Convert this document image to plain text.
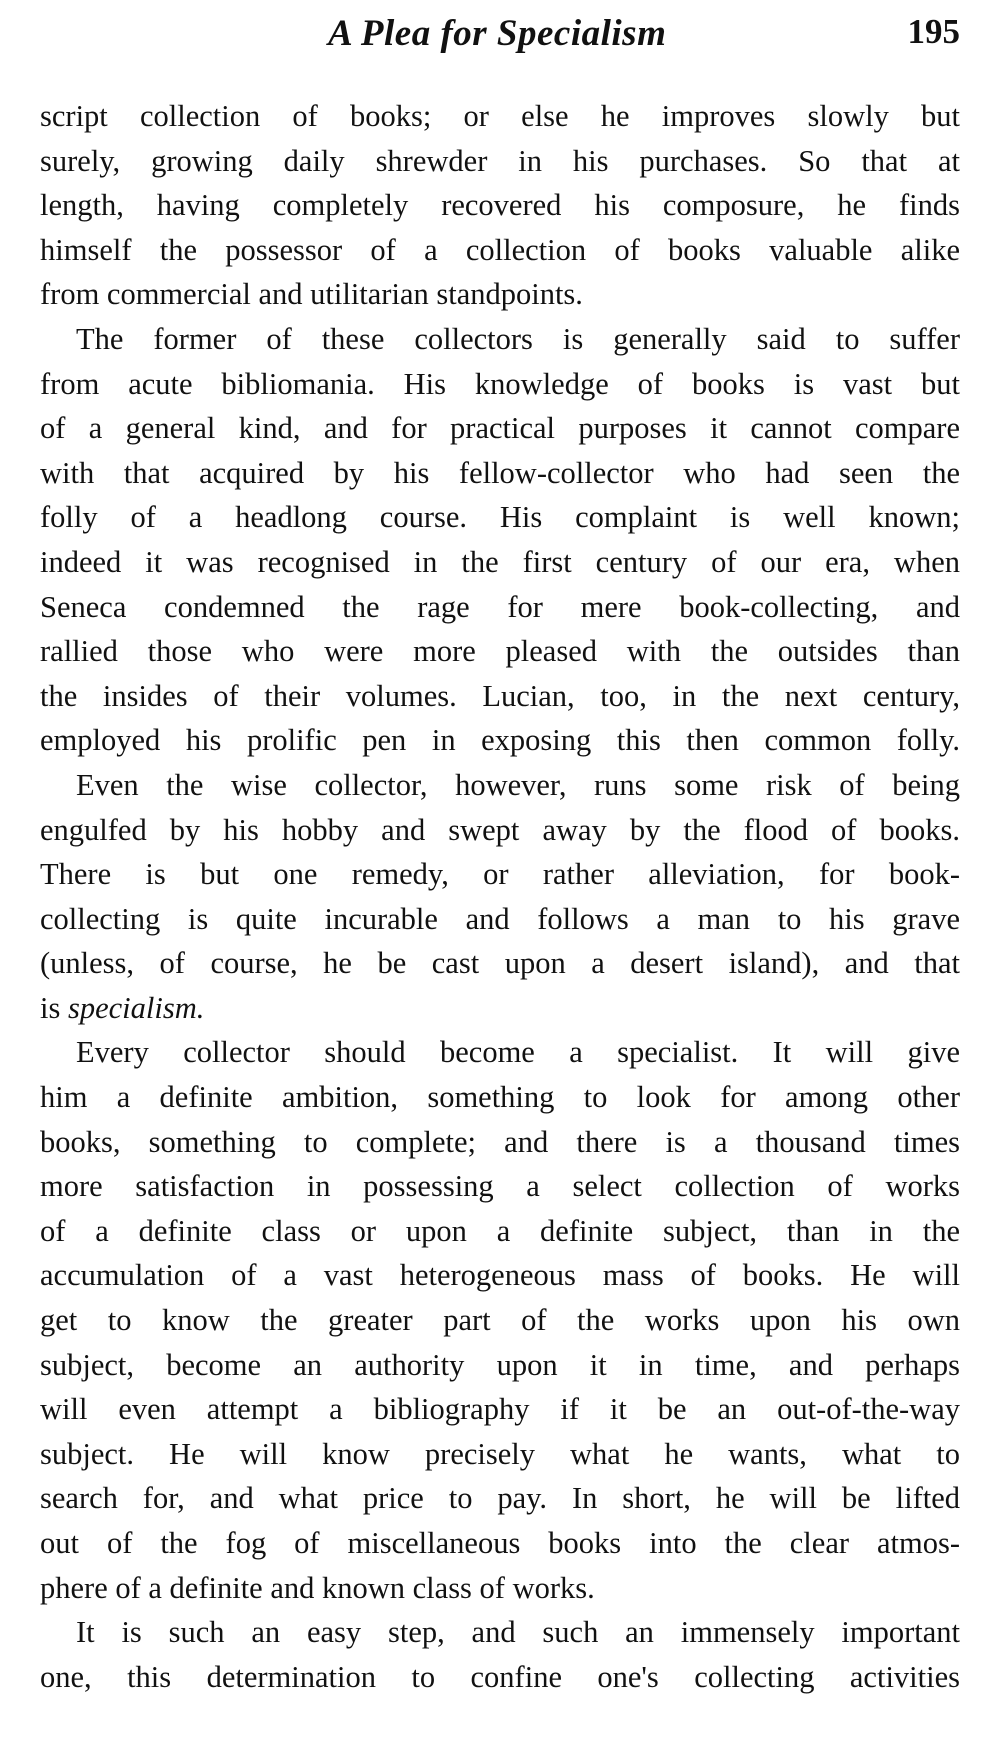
A Plea for Specialism	195
script collection of books; or else he improves slowly but
surely, growing daily shrewder in his purchases. So that at
length, having completely recovered his composure, he finds
himself the possessor of a collection of books valuable alike
from commercial and utilitarian standpoints.
The former of these collectors is generally said to suffer
from acute bibliomania. His knowledge of books is vast but
of a general kind, and for practical purposes it cannot compare
with that acquired by his fellow-collector who had seen the
folly of a headlong course. His complaint is well known;
indeed it was recognised in the first century of our era, when
Seneca condemned the rage for mere book-collecting, and
rallied those who were more pleased with the outsides than
the insides of their volumes. Lucian, too, in the next century,
employed his prolific pen in exposing this then common folly.
Even the wise collector, however, runs some risk of being
engulfed by his hobby and swept away by the flood of books.
There is but one remedy, or rather alleviation, for book-
collecting is quite incurable and follows a man to his grave
(unless, of course, he be cast upon a desert island), and that
is specialism.
Every collector should become a specialist. It will give
him a definite ambition, something to look for among other
books, something to complete; and there is a thousand times
more satisfaction in possessing a select collection of works
of a definite class or upon a definite subject, than in the
accumulation of a vast heterogeneous mass of books. He will
get to know the greater part of the works upon his own
subject, become an authority upon it in time, and perhaps
will even attempt a bibliography if it be an out-of-the-way
subject. He will know precisely what he wants, what to
search for, and what price to pay. In short, he will be lifted
out of the fog of miscellaneous books into the clear atmos-
phere of a definite and known class of works.
It is such an easy step, and such an immensely important
one, this determination to confine one's collecting activities
